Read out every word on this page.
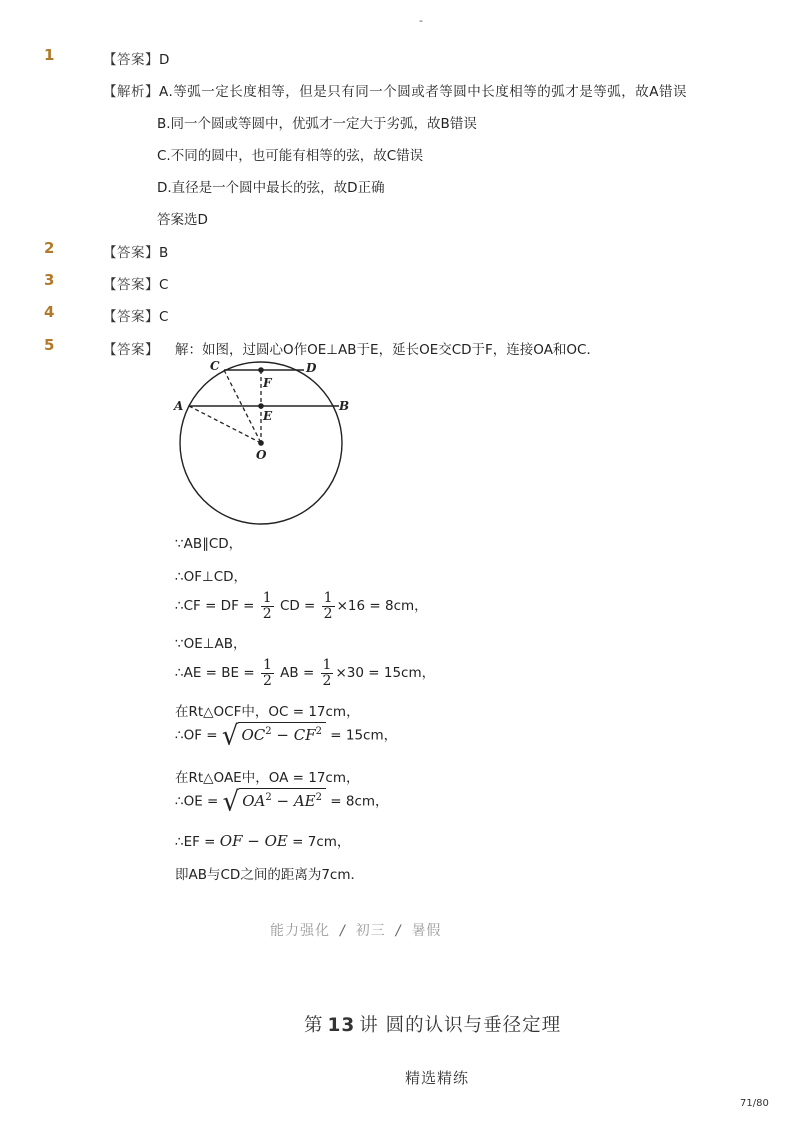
-
1	【答案】D
【解析】A.等弧一定长度相等，但是只有同一个圆或者等圆中长度相等的弧才是等弧，故A错误
B.同一个圆或等圆中，优弧才一定大于劣弧，故B错误
C.不同的圆中，也可能有相等的弦，故C错误
D.直径是一个圆中最长的弦，故D正确
答案选D
2	【答案】B
3	【答案】C
4	【答案】C
5	【答案】 解：如图，过圆心O作OE⊥AB于E，延长OE交CD于F，连接OA和OC．
C	D
A	B
F
E
O
∵AB∥CD，
∴OF⊥CD，
∴CF = DF = $\frac{1}{2}$ CD = $\frac{1}{2} \times 16 = 8cm$，
∵OE⊥AB，
∴AE = BE = $\frac{1}{2}$ AB = $\frac{1}{2} \times 30 = 15cm$，
在Rt△OCF中，OC = 17cm，
∴OF = √ $OC^2 - CF^2 = 15cm$，
在Rt△OAE中，OA = 17cm，
∴OE = √ $OA^2 - AE^2 = 8cm$，
∴EF = OF − OE = 7cm，
即AB与CD之间的距离为7cm．
能力强化 / 初三 / 暑假
第 13 讲 圆的认识与垂径定理
精选精练
71/80
